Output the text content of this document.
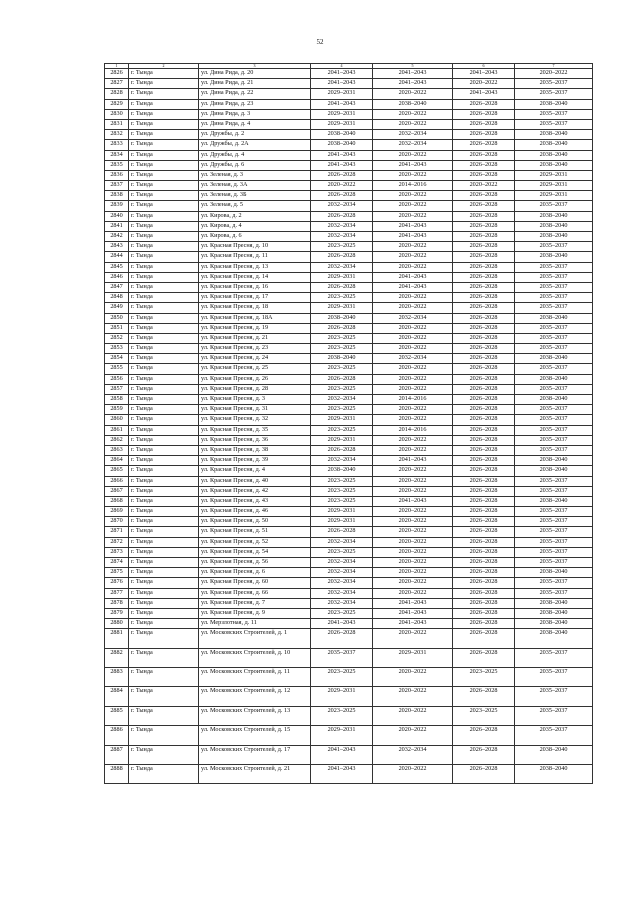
52
1	2	3	4	5	6	7
2826	г. Тында	ул. Дина Рида, д. 20	2041–2043	2041–2043	2041–2043	2020–2022
2827	г. Тында	ул. Дина Рида, д. 21	2041–2043	2041–2043	2020–2022	2035–2037
2828	г. Тында	ул. Дина Рида, д. 22	2029–2031	2020–2022	2041–2043	2035–2037
2829	г. Тында	ул. Дина Рида, д. 23	2041–2043	2038–2040	2026–2028	2038–2040
2830	г. Тында	ул. Дина Рида, д. 3	2029–2031	2020–2022	2026–2028	2035–2037
2831	г. Тында	ул. Дина Рида, д. 4	2029–2031	2020–2022	2026–2028	2035–2037
2832	г. Тында	ул. Дружбы, д. 2	2038–2040	2032–2034	2026–2028	2038–2040
2833	г. Тында	ул. Дружбы, д. 2А	2038–2040	2032–2034	2026–2028	2038–2040
2834	г. Тында	ул. Дружбы, д. 4	2041–2043	2020–2022	2026–2028	2038–2040
2835	г. Тында	ул. Дружбы, д. 6	2041–2043	2041–2043	2026–2028	2038–2040
2836	г. Тында	ул. Зеленая, д. 3	2026–2028	2020–2022	2026–2028	2029–2031
2837	г. Тында	ул. Зеленая, д. 3А	2020–2022	2014–2016	2020–2022	2029–2031
2838	г. Тында	ул. Зеленая, д. 3Б	2026–2028	2020–2022	2026–2028	2029–2031
2839	г. Тында	ул. Зеленая, д. 5	2032–2034	2020–2022	2026–2028	2035–2037
2840	г. Тында	ул. Кирова, д. 2	2026–2028	2020–2022	2026–2028	2038–2040
2841	г. Тында	ул. Кирова, д. 4	2032–2034	2041–2043	2026–2028	2038–2040
2842	г. Тында	ул. Кирова, д. 6	2032–2034	2041–2043	2026–2028	2038–2040
2843	г. Тында	ул. Красная Пресня, д. 10	2023–2025	2020–2022	2026–2028	2035–2037
2844	г. Тында	ул. Красная Пресня, д. 11	2026–2028	2020–2022	2026–2028	2038–2040
2845	г. Тында	ул. Красная Пресня, д. 13	2032–2034	2020–2022	2026–2028	2035–2037
2846	г. Тында	ул. Красная Пресня, д. 14	2029–2031	2041–2043	2026–2028	2035–2037
2847	г. Тында	ул. Красная Пресня, д. 16	2026–2028	2041–2043	2026–2028	2035–2037
2848	г. Тында	ул. Красная Пресня, д. 17	2023–2025	2020–2022	2026–2028	2035–2037
2849	г. Тында	ул. Красная Пресня, д. 18	2029–2031	2020–2022	2026–2028	2035–2037
2850	г. Тында	ул. Красная Пресня, д. 18А	2038–2040	2032–2034	2026–2028	2038–2040
2851	г. Тында	ул. Красная Пресня, д. 19	2026–2028	2020–2022	2026–2028	2035–2037
2852	г. Тында	ул. Красная Пресня, д. 21	2023–2025	2020–2022	2026–2028	2035–2037
2853	г. Тында	ул. Красная Пресня, д. 23	2023–2025	2020–2022	2026–2028	2035–2037
2854	г. Тында	ул. Красная Пресня, д. 24	2038–2040	2032–2034	2026–2028	2038–2040
2855	г. Тында	ул. Красная Пресня, д. 25	2023–2025	2020–2022	2026–2028	2035–2037
2856	г. Тында	ул. Красная Пресня, д. 26	2026–2028	2020–2022	2026–2028	2038–2040
2857	г. Тында	ул. Красная Пресня, д. 28	2023–2025	2020–2022	2026–2028	2035–2037
2858	г. Тында	ул. Красная Пресня, д. 3	2032–2034	2014–2016	2026–2028	2038–2040
2859	г. Тында	ул. Красная Пресня, д. 31	2023–2025	2020–2022	2026–2028	2035–2037
2860	г. Тында	ул. Красная Пресня, д. 32	2029–2031	2020–2022	2026–2028	2035–2037
2861	г. Тында	ул. Красная Пресня, д. 35	2023–2025	2014–2016	2026–2028	2035–2037
2862	г. Тында	ул. Красная Пресня, д. 36	2029–2031	2020–2022	2026–2028	2035–2037
2863	г. Тында	ул. Красная Пресня, д. 38	2026–2028	2020–2022	2026–2028	2035–2037
2864	г. Тында	ул. Красная Пресня, д. 39	2032–2034	2041–2043	2026–2028	2038–2040
2865	г. Тында	ул. Красная Пресня, д. 4	2038–2040	2020–2022	2026–2028	2038–2040
2866	г. Тында	ул. Красная Пресня, д. 40	2023–2025	2020–2022	2026–2028	2035–2037
2867	г. Тында	ул. Красная Пресня, д. 42	2023–2025	2020–2022	2026–2028	2035–2037
2868	г. Тында	ул. Красная Пресня, д. 43	2023–2025	2041–2043	2026–2028	2038–2040
2869	г. Тында	ул. Красная Пресня, д. 46	2029–2031	2020–2022	2026–2028	2035–2037
2870	г. Тында	ул. Красная Пресня, д. 50	2029–2031	2020–2022	2026–2028	2035–2037
2871	г. Тында	ул. Красная Пресня, д. 51	2026–2028	2020–2022	2026–2028	2035–2037
2872	г. Тында	ул. Красная Пресня, д. 52	2032–2034	2020–2022	2026–2028	2035–2037
2873	г. Тында	ул. Красная Пресня, д. 54	2023–2025	2020–2022	2026–2028	2035–2037
2874	г. Тында	ул. Красная Пресня, д. 56	2032–2034	2020–2022	2026–2028	2035–2037
2875	г. Тында	ул. Красная Пресня, д. 6	2032–2034	2020–2022	2026–2028	2038–2040
2876	г. Тында	ул. Красная Пресня, д. 60	2032–2034	2020–2022	2026–2028	2035–2037
2877	г. Тында	ул. Красная Пресня, д. 66	2032–2034	2020–2022	2026–2028	2035–2037
2878	г. Тында	ул. Красная Пресня, д. 7	2032–2034	2041–2043	2026–2028	2038–2040
2879	г. Тында	ул. Красная Пресня, д. 9	2023–2025	2041–2043	2026–2028	2038–2040
2880	г. Тында	ул. Мерзлотная, д. 11	2041–2043	2041–2043	2026–2028	2038–2040
2881	г. Тында	ул. Московских Строителей, д. 1	2026–2028	2020–2022	2026–2028	2038–2040
2882	г. Тында	ул. Московских Строителей, д. 10	2035–2037	2029–2031	2026–2028	2035–2037
2883	г. Тында	ул. Московских Строителей, д. 11	2023–2025	2020–2022	2023–2025	2035–2037
2884	г. Тында	ул. Московских Строителей, д. 12	2029–2031	2020–2022	2026–2028	2035–2037
2885	г. Тында	ул. Московских Строителей, д. 13	2023–2025	2020–2022	2023–2025	2035–2037
2886	г. Тында	ул. Московских Строителей, д. 15	2029–2031	2020–2022	2026–2028	2035–2037
2887	г. Тында	ул. Московских Строителей, д. 17	2041–2043	2032–2034	2026–2028	2038–2040
2888	г. Тында	ул. Московских Строителей, д. 21	2041–2043	2020–2022	2026–2028	2038–2040
